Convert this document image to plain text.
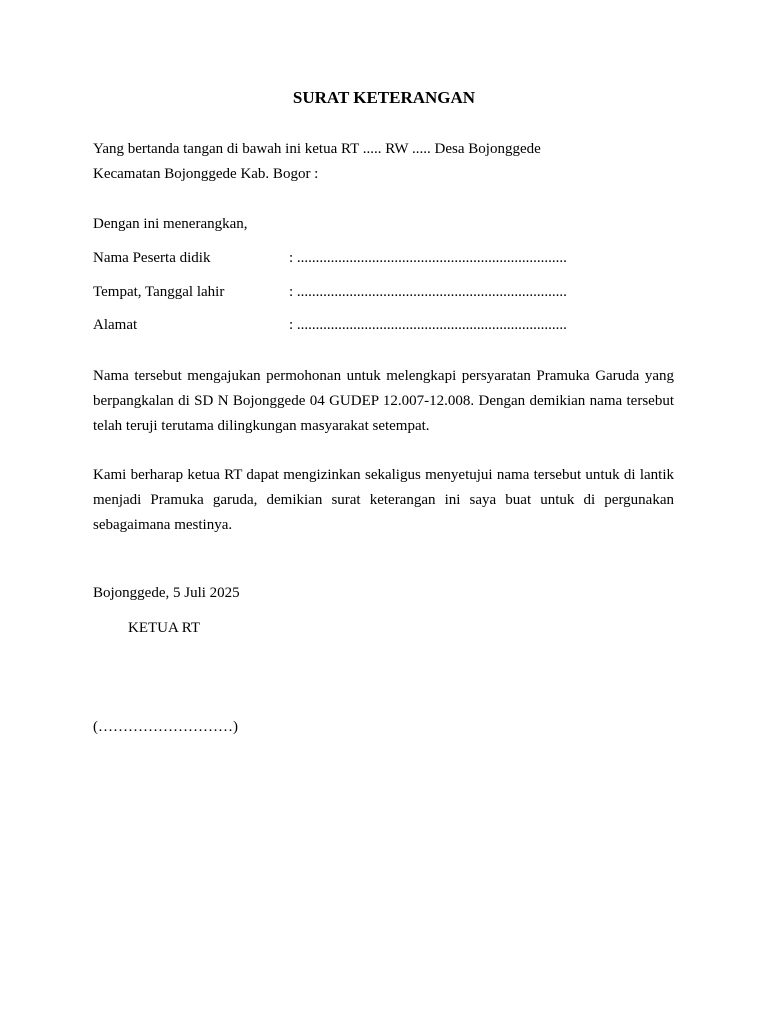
SURAT KETERANGAN

Yang bertanda tangan di bawah ini ketua RT ..... RW ..... Desa Bojonggede

Kecamatan Bojonggede Kab. Bogor :

Dengan ini menerangkan,

Nama Peserta didik	: ........................................................................

Tempat, Tanggal lahir	: ........................................................................

Alamat	: ........................................................................

Nama tersebut mengajukan permohonan untuk melengkapi persyaratan Pramuka Garuda yang berpangkalan di SD N Bojonggede 04 GUDEP 12.007-12.008. Dengan demikian nama tersebut telah teruji terutama dilingkungan masyarakat setempat.

Kami berharap ketua RT dapat mengizinkan sekaligus menyetujui nama tersebut untuk di lantik menjadi Pramuka garuda, demikian surat keterangan ini saya buat untuk di pergunakan sebagaimana mestinya.

Bojonggede, 5 Juli 2025

KETUA RT

(………………………)
